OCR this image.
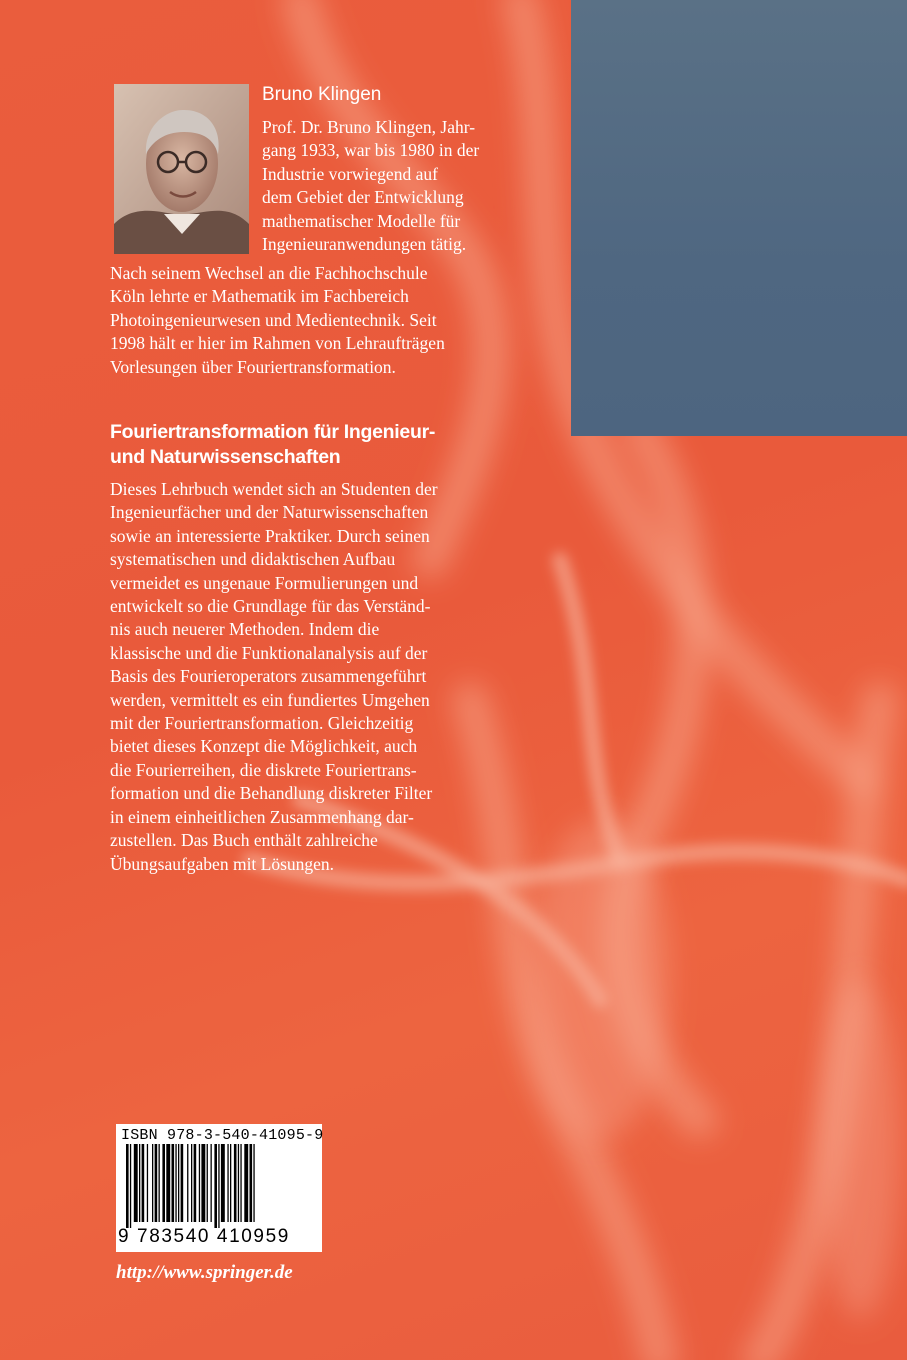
Bruno Klingen
Prof. Dr. Bruno Klingen, Jahr-
gang 1933, war bis 1980 in der
Industrie vorwiegend auf
dem Gebiet der Entwicklung
mathematischer Modelle für
Ingenieuranwendungen tätig.
Nach seinem Wechsel an die Fachhochschule
Köln lehrte er Mathematik im Fachbereich
Photoingenieurwesen und Medientechnik. Seit
1998 hält er hier im Rahmen von Lehraufträgen
Vorlesungen über Fouriertransformation.
Fouriertransformation für Ingenieur-
und Naturwissenschaften
Dieses Lehrbuch wendet sich an Studenten der
Ingenieurfächer und der Naturwissenschaften
sowie an interessierte Praktiker. Durch seinen
systematischen und didaktischen Aufbau
vermeidet es ungenaue Formulierungen und
entwickelt so die Grundlage für das Verständ-
nis auch neuerer Methoden. Indem die
klassische und die Funktionalanalysis auf der
Basis des Fourieroperators zusammengeführt
werden, vermittelt es ein fundiertes Umgehen
mit der Fouriertransformation. Gleichzeitig
bietet dieses Konzept die Möglichkeit, auch
die Fourierreihen, die diskrete Fouriertrans-
formation und die Behandlung diskreter Filter
in einem einheitlichen Zusammenhang dar-
zustellen. Das Buch enthält zahlreiche
Übungsaufgaben mit Lösungen.
ISBN 978-3-540-41095-9
9 783540 410959

http://www.springer.de
